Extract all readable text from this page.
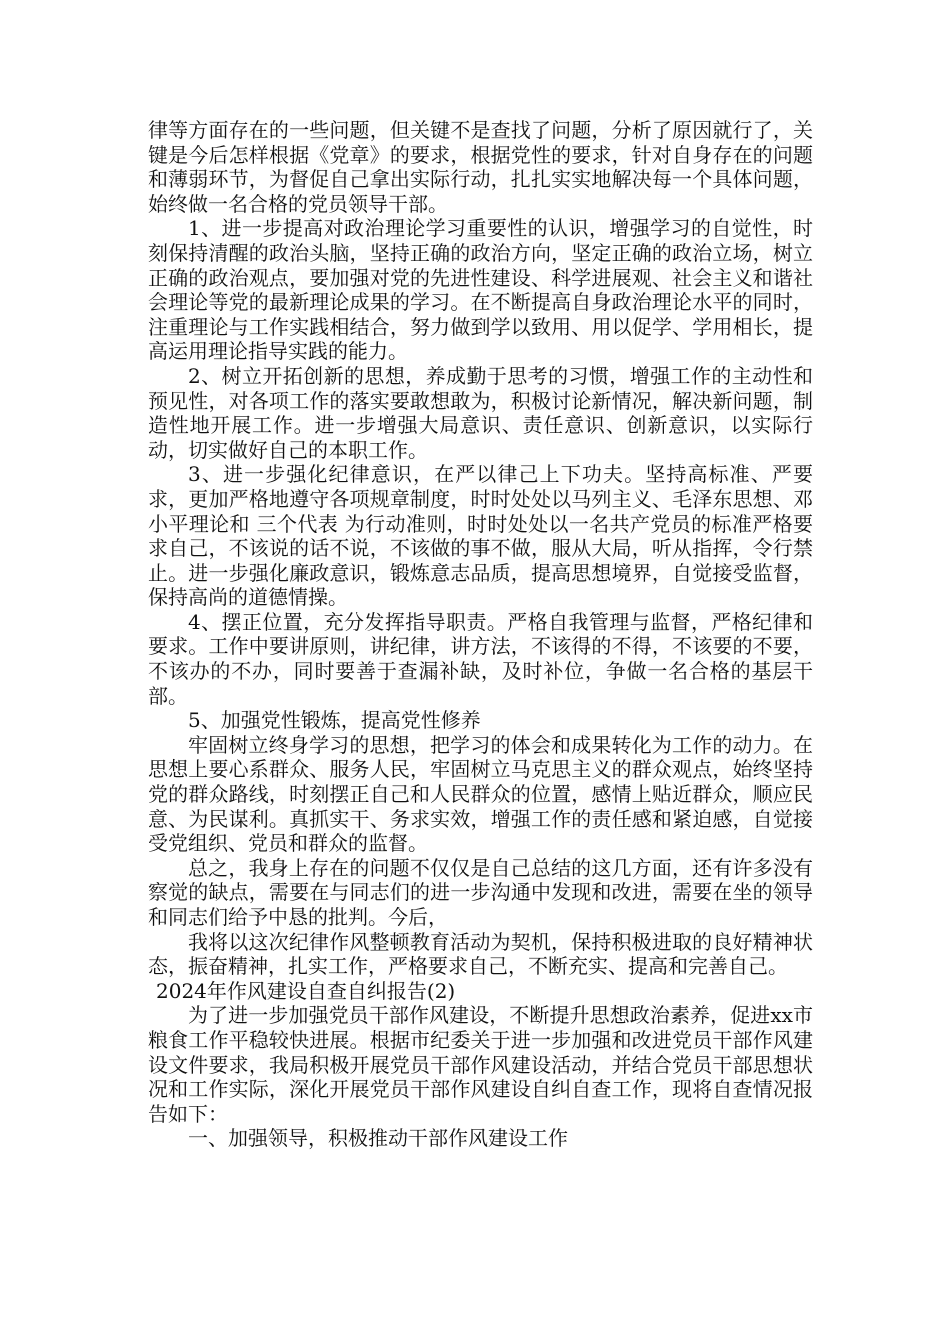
律等方面存在的一些问题，但关键不是查找了问题，分析了原因就行了，关键是今后怎样根据《党章》的要求，根据党性的要求，针对自身存在的问题和薄弱环节，为督促自己拿出实际行动，扎扎实实地解决每一个具体问题，始终做一名合格的党员领导干部。

1、进一步提高对政治理论学习重要性的认识，增强学习的自觉性，时刻保持清醒的政治头脑，坚持正确的政治方向，坚定正确的政治立场，树立正确的政治观点，要加强对党的先进性建设、科学进展观、社会主义和谐社会理论等党的最新理论成果的学习。在不断提高自身政治理论水平的同时，注重理论与工作实践相结合，努力做到学以致用、用以促学、学用相长，提高运用理论指导实践的能力。

2、树立开拓创新的思想，养成勤于思考的习惯，增强工作的主动性和预见性，对各项工作的落实要敢想敢为，积极讨论新情况，解决新问题，制造性地开展工作。进一步增强大局意识、责任意识、创新意识，以实际行动，切实做好自己的本职工作。

3、进一步强化纪律意识，在严以律己上下功夫。坚持高标准、严要求，更加严格地遵守各项规章制度，时时处处以马列主义、毛泽东思想、邓小平理论和 三个代表 为行动准则，时时处处以一名共产党员的标准严格要求自己，不该说的话不说，不该做的事不做，服从大局，听从指挥，令行禁止。进一步强化廉政意识，锻炼意志品质，提高思想境界，自觉接受监督，保持高尚的道德情操。

4、摆正位置，充分发挥指导职责。严格自我管理与监督，严格纪律和要求。工作中要讲原则，讲纪律，讲方法，不该得的不得，不该要的不要，不该办的不办，同时要善于查漏补缺，及时补位，争做一名合格的基层干部。

5、加强党性锻炼，提高党性修养

牢固树立终身学习的思想，把学习的体会和成果转化为工作的动力。在思想上要心系群众、服务人民，牢固树立马克思主义的群众观点，始终坚持党的群众路线，时刻摆正自己和人民群众的位置，感情上贴近群众，顺应民意、为民谋利。真抓实干、务求实效，增强工作的责任感和紧迫感，自觉接受党组织、党员和群众的监督。

总之，我身上存在的问题不仅仅是自己总结的这几方面，还有许多没有察觉的缺点，需要在与同志们的进一步沟通中发现和改进，需要在坐的领导和同志们给予中恳的批判。今后，

我将以这次纪律作风整顿教育活动为契机，保持积极进取的良好精神状态，振奋精神，扎实工作，严格要求自己，不断充实、提高和完善自己。

2024年作风建设自查自纠报告(2)

为了进一步加强党员干部作风建设，不断提升思想政治素养，促进xx市粮食工作平稳较快进展。根据市纪委关于进一步加强和改进党员干部作风建设文件要求，我局积极开展党员干部作风建设活动，并结合党员干部思想状况和工作实际，深化开展党员干部作风建设自纠自查工作，现将自查情况报告如下：

一、加强领导，积极推动干部作风建设工作
